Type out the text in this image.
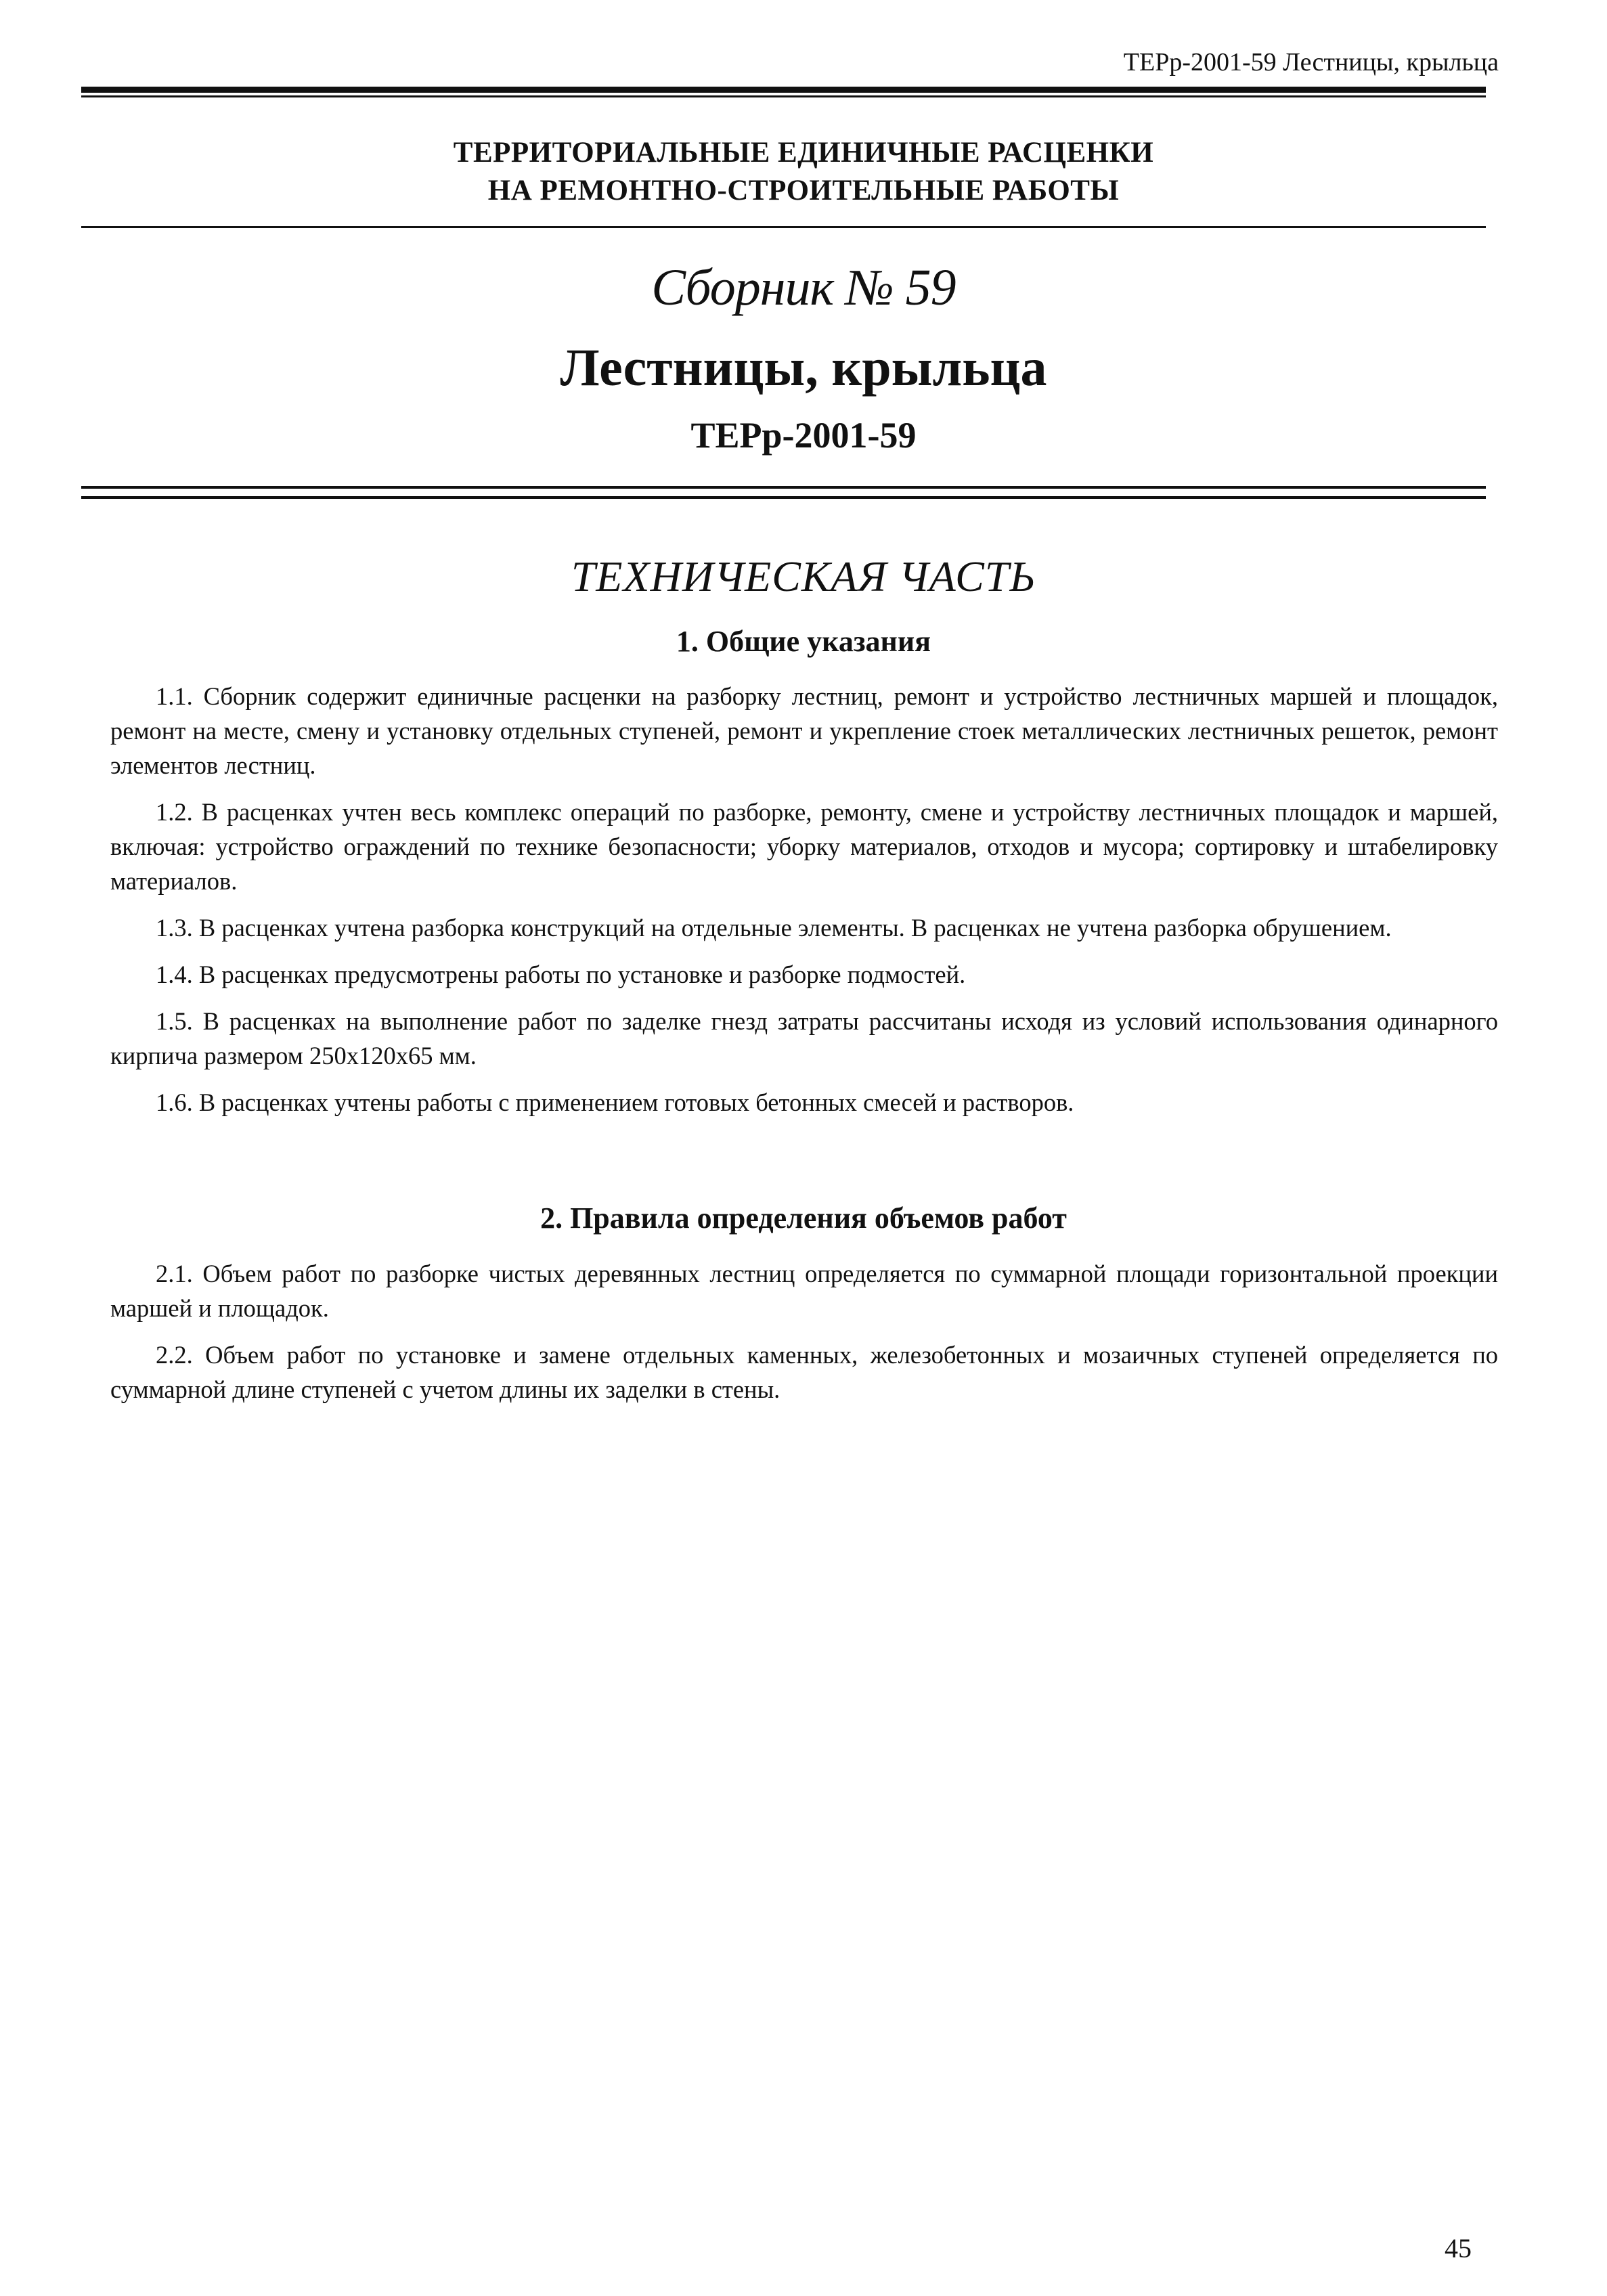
ТЕРр-2001-59 Лестницы, крыльца
ТЕРРИТОРИАЛЬНЫЕ ЕДИНИЧНЫЕ РАСЦЕНКИ
НА РЕМОНТНО-СТРОИТЕЛЬНЫЕ РАБОТЫ
Сборник № 59
Лестницы, крыльца
ТЕРр-2001-59
ТЕХНИЧЕСКАЯ ЧАСТЬ
1. Общие указания

1.1. Сборник содержит единичные расценки на разборку лестниц, ремонт и устройство лестничных маршей и площадок, ремонт на месте, смену и установку отдельных ступеней, ремонт и укрепление стоек металлических лестничных решеток, ремонт элементов лестниц.

1.2. В расценках учтен весь комплекс операций по разборке, ремонту, смене и устройству лестничных площадок и маршей, включая: устройство ограждений по технике безопасности; уборку материалов, отходов и мусора; сортировку и штабелировку материалов.

1.3. В расценках учтена разборка конструкций на отдельные элементы. В расценках не учтена разборка обрушением.

1.4. В расценках предусмотрены работы по установке и разборке подмостей.

1.5. В расценках на выполнение работ по заделке гнезд затраты рассчитаны исходя из условий использования одинарного кирпича размером 250x120x65 мм.

1.6. В расценках учтены работы с применением готовых бетонных смесей и растворов.

2. Правила определения объемов работ

2.1. Объем работ по разборке чистых деревянных лестниц определяется по суммарной площади горизонтальной проекции маршей и площадок.

2.2. Объем работ по установке и замене отдельных каменных, железобетонных и мозаичных ступеней определяется по суммарной длине ступеней с учетом длины их заделки в стены.

45
